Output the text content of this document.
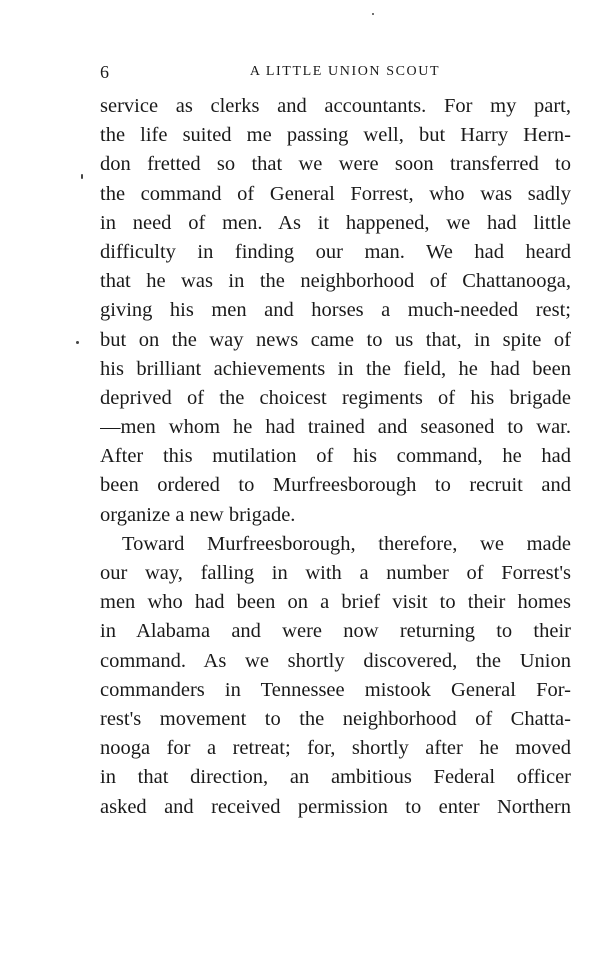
6	A LITTLE UNION SCOUT
service as clerks and accountants. For my part,
the life suited me passing well, but Harry Hern-
don fretted so that we were soon transferred to
the command of General Forrest, who was sadly
in need of men. As it happened, we had little
difficulty in finding our man. We had heard
that he was in the neighborhood of Chattanooga,
giving his men and horses a much-needed rest;
but on the way news came to us that, in spite of
his brilliant achievements in the field, he had been
deprived of the choicest regiments of his brigade
—men whom he had trained and seasoned to war.
After this mutilation of his command, he had
been ordered to Murfreesborough to recruit and
organize a new brigade.
Toward Murfreesborough, therefore, we made
our way, falling in with a number of Forrest's
men who had been on a brief visit to their homes
in Alabama and were now returning to their
command. As we shortly discovered, the Union
commanders in Tennessee mistook General For-
rest's movement to the neighborhood of Chatta-
nooga for a retreat; for, shortly after he moved
in that direction, an ambitious Federal officer
asked and received permission to enter Northern
